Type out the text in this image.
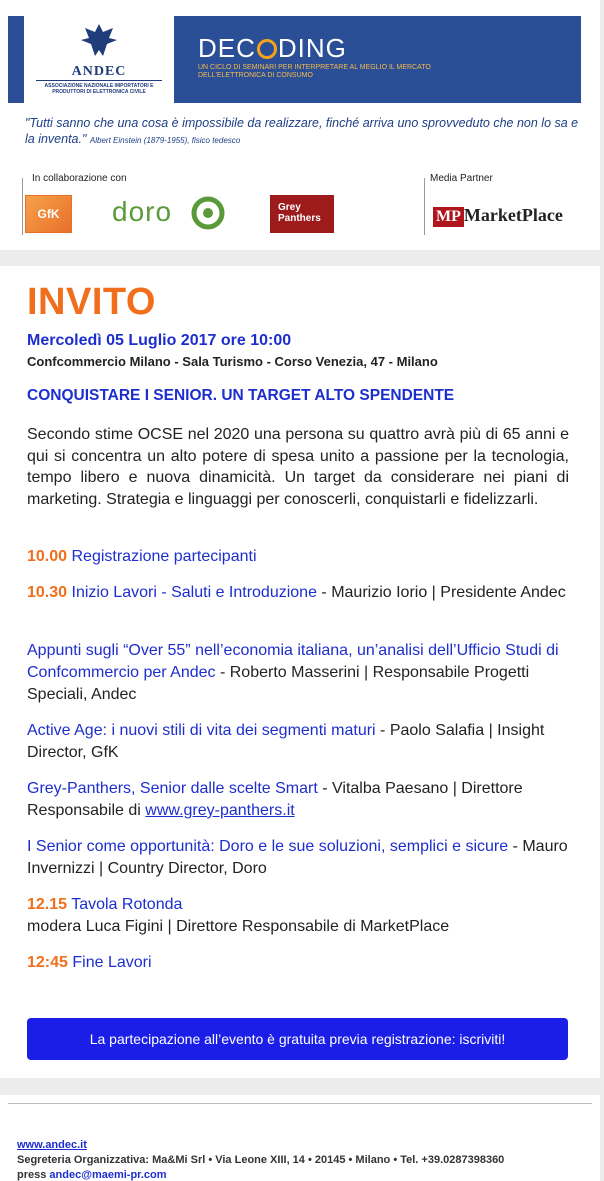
ANDEC
ASSOCIAZIONE NAZIONALE IMPORTATORI E PRODUTTORI DI ELETTRONICA CIVILE
DEC DING
UN CICLO DI SEMINARI PER INTERPRETARE AL MEGLIO IL MERCATO DELL'ELETTRONICA DI CONSUMO
"Tutti sanno che una cosa è impossibile da realizzare, finché arriva uno sprovveduto che non lo sa e la inventa." Albert Einstein (1879-1955), fisico tedesco
In collaborazione con	Media Partner
GfK	doro	Grey
Panthers	MP MarketPlace
INVITO
Mercoledì 05 Luglio 2017 ore 10:00
Confcommercio Milano - Sala Turismo - Corso Venezia, 47 - Milano
CONQUISTARE I SENIOR. UN TARGET ALTO SPENDENTE
Secondo stime OCSE nel 2020 una persona su quattro avrà più di 65 anni e qui si concentra un alto potere di spesa unito a passione per la tecnologia, tempo libero e nuova dinamicità. Un target da considerare nei piani di marketing. Strategia e linguaggi per conoscerli, conquistarli e fidelizzarli.
10.00 Registrazione partecipanti
10.30 Inizio Lavori - Saluti e Introduzione - Maurizio Iorio | Presidente Andec
Appunti sugli “Over 55” nell’economia italiana, un’analisi dell’Ufficio Studi di Confcommercio per Andec - Roberto Masserini | Responsabile Progetti Speciali, Andec
Active Age: i nuovi stili di vita dei segmenti maturi - Paolo Salafia | Insight Director, GfK
Grey-Panthers, Senior dalle scelte Smart - Vitalba Paesano | Direttore Responsabile di www.grey-panthers.it
I Senior come opportunità: Doro e le sue soluzioni, semplici e sicure - Mauro Invernizzi | Country Director, Doro
12.15 Tavola Rotonda
modera Luca Figini | Direttore Responsabile di MarketPlace
12:45 Fine Lavori
La partecipazione all’evento è gratuita previa registrazione: iscriviti!
www.andec.it
Segreteria Organizzativa: Ma&Mi Srl • Via Leone XIII, 14 • 20145 • Milano • Tel. +39.0287398360
press andec@maemi-pr.com
